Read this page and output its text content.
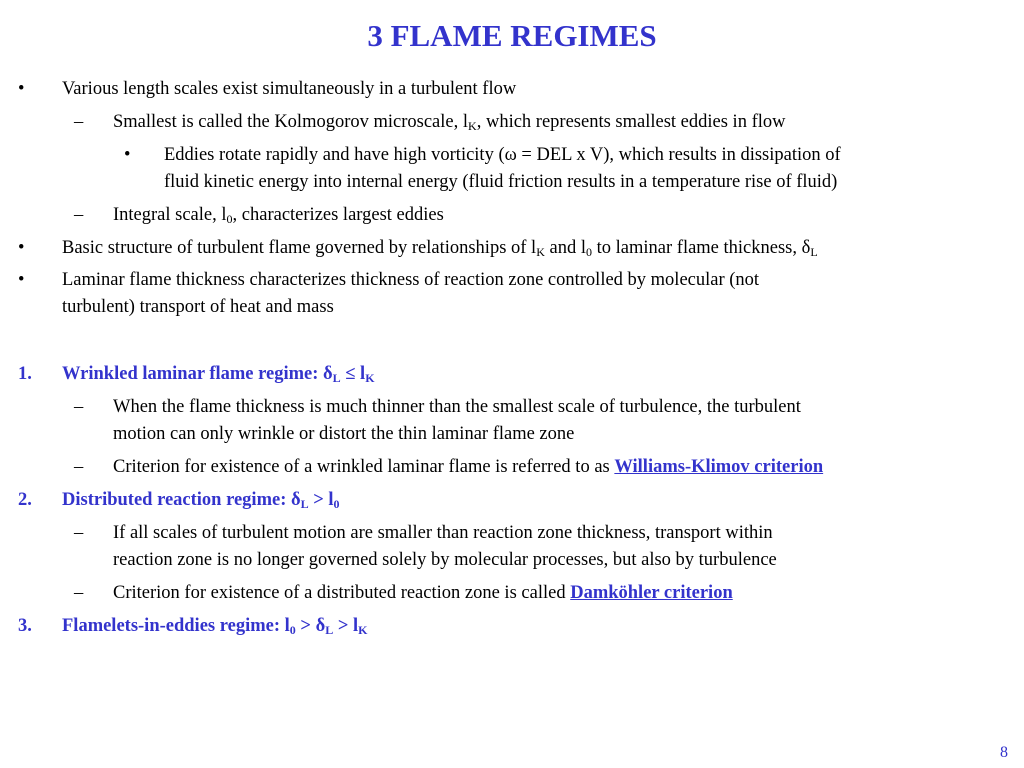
3 FLAME REGIMES
• Various length scales exist simultaneously in a turbulent flow
– Smallest is called the Kolmogorov microscale, $l_K$, which represents smallest eddies in flow
• Eddies rotate rapidly and have high vorticity (ω = DEL x V), which results in dissipation of
fluid kinetic energy into internal energy (fluid friction results in a temperature rise of fluid)
– Integral scale, $l_0$, characterizes largest eddies
• Basic structure of turbulent flame governed by relationships of $l_K$ and $l_0$ to laminar flame thickness, $\delta_L$
• Laminar flame thickness characterizes thickness of reaction zone controlled by molecular (not
turbulent) transport of heat and mass
1. Wrinkled laminar flame regime: $\delta_L \le l_K$
– When the flame thickness is much thinner than the smallest scale of turbulence, the turbulent
motion can only wrinkle or distort the thin laminar flame zone
– Criterion for existence of a wrinkled laminar flame is referred to as Williams-Klimov criterion
2. Distributed reaction regime: $\delta_L > l_0$
– If all scales of turbulent motion are smaller than reaction zone thickness, transport within
reaction zone is no longer governed solely by molecular processes, but also by turbulence
– Criterion for existence of a distributed reaction zone is called Damköhler criterion
3. Flamelets-in-eddies regime: $l_0 > \delta_L > l_K$
8
